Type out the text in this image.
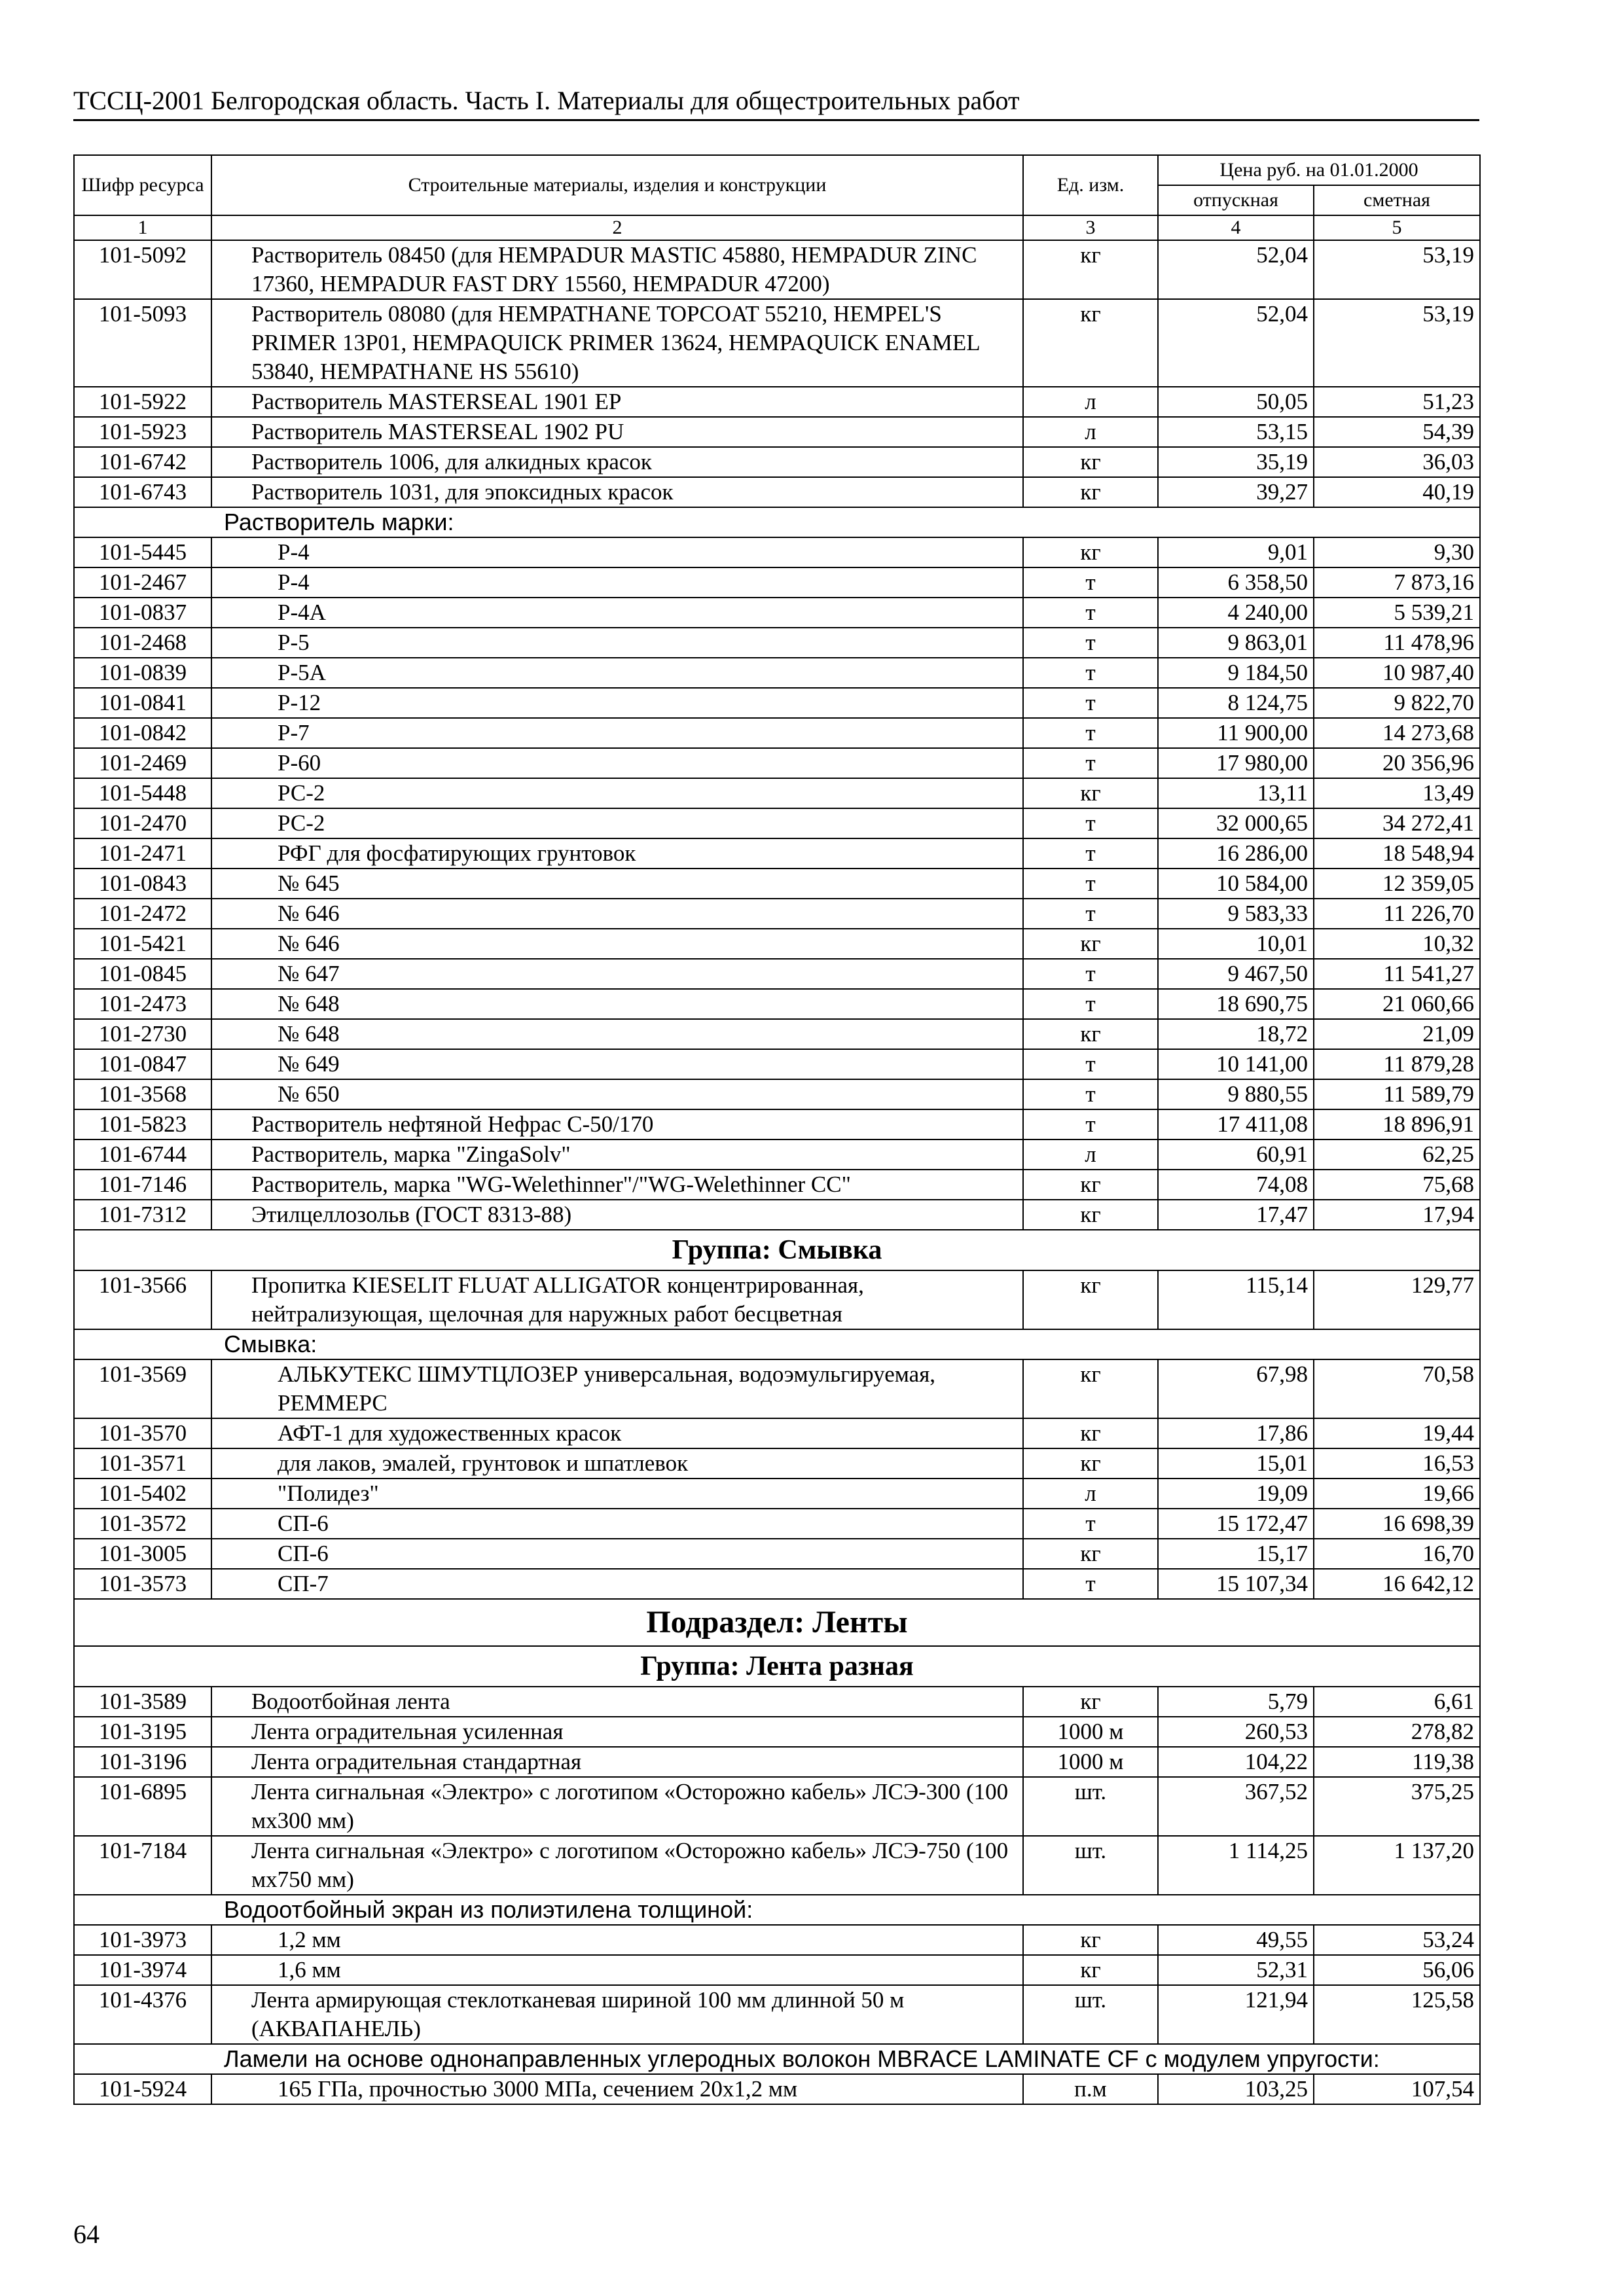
ТССЦ-2001 Белгородская область. Часть I. Материалы для общестроительных работ
Шифр ресурса	Строительные материалы, изделия и конструкции	Ед. изм.	Цена руб. на 01.01.2000	
			отпускная	сметная
1	2	3	4	5
101-5092	Растворитель 08450 (для HEMPADUR MASTIC 45880, HEMPADUR ZINC 17360, HEMPADUR FAST DRY 15560, HEMPADUR 47200)	кг	52,04	53,19
101-5093	Растворитель 08080 (для HEMPATHANE TOPCOAT 55210, HEMPEL'S PRIMER 13P01, HEMPAQUICK PRIMER 13624, HEMPAQUICK ENAMEL 53840, HEMPATHANE HS 55610)	кг	52,04	53,19
101-5922	Растворитель MASTERSEAL 1901 EP	л	50,05	51,23
101-5923	Растворитель MASTERSEAL 1902 PU	л	53,15	54,39
101-6742	Растворитель 1006, для алкидных красок	кг	35,19	36,03
101-6743	Растворитель 1031, для эпоксидных красок	кг	39,27	40,19
Растворитель марки:				
101-5445	Р-4	кг	9,01	9,30
101-2467	Р-4	т	6 358,50	7 873,16
101-0837	Р-4А	т	4 240,00	5 539,21
101-2468	Р-5	т	9 863,01	11 478,96
101-0839	Р-5А	т	9 184,50	10 987,40
101-0841	Р-12	т	8 124,75	9 822,70
101-0842	Р-7	т	11 900,00	14 273,68
101-2469	Р-60	т	17 980,00	20 356,96
101-5448	РС-2	кг	13,11	13,49
101-2470	РС-2	т	32 000,65	34 272,41
101-2471	РФГ для фосфатирующих грунтовок	т	16 286,00	18 548,94
101-0843	№ 645	т	10 584,00	12 359,05
101-2472	№ 646	т	9 583,33	11 226,70
101-5421	№ 646	кг	10,01	10,32
101-0845	№ 647	т	9 467,50	11 541,27
101-2473	№ 648	т	18 690,75	21 060,66
101-2730	№ 648	кг	18,72	21,09
101-0847	№ 649	т	10 141,00	11 879,28
101-3568	№ 650	т	9 880,55	11 589,79
101-5823	Растворитель нефтяной Нефрас С-50/170	т	17 411,08	18 896,91
101-6744	Растворитель, марка "ZingaSolv"	л	60,91	62,25
101-7146	Растворитель, марка "WG-Welethinner"/"WG-Welethinner CC"	кг	74,08	75,68
101-7312	Этилцеллозольв (ГОСТ 8313-88)	кг	17,47	17,94
Группа: Смывка				
101-3566	Пропитка KIESELIT FLUAT ALLIGATOR концентрированная, нейтрализующая, щелочная для наружных работ бесцветная	кг	115,14	129,77
Смывка:				
101-3569	АЛЬКУТЕКС ШМУТЦЛОЗЕР универсальная, водоэмульгируемая, РЕММЕРС	кг	67,98	70,58
101-3570	АФТ-1 для художественных красок	кг	17,86	19,44
101-3571	для лаков, эмалей, грунтовок и шпатлевок	кг	15,01	16,53
101-5402	"Полидез"	л	19,09	19,66
101-3572	СП-6	т	15 172,47	16 698,39
101-3005	СП-6	кг	15,17	16,70
101-3573	СП-7	т	15 107,34	16 642,12
Подраздел: Ленты				
Группа: Лента разная				
101-3589	Водоотбойная лента	кг	5,79	6,61
101-3195	Лента оградительная усиленная	1000 м	260,53	278,82
101-3196	Лента оградительная стандартная	1000 м	104,22	119,38
101-6895	Лента сигнальная «Электро» с логотипом «Осторожно кабель» ЛСЭ-300 (100 мх300 мм)	шт.	367,52	375,25
101-7184	Лента сигнальная «Электро» с логотипом «Осторожно кабель» ЛСЭ-750 (100 мх750 мм)	шт.	1 114,25	1 137,20
Водоотбойный экран из полиэтилена толщиной:				
101-3973	1,2 мм	кг	49,55	53,24
101-3974	1,6 мм	кг	52,31	56,06
101-4376	Лента армирующая стеклотканевая шириной 100 мм длинной 50 м (АКВАПАНЕЛЬ)	шт.	121,94	125,58
Ламели на основе однонаправленных углеродных волокон MBRACE LAMINATE CF с модулем упругости:				
101-5924	165 ГПа, прочностью 3000 МПа, сечением 20х1,2 мм	п.м	103,25	107,54
64
